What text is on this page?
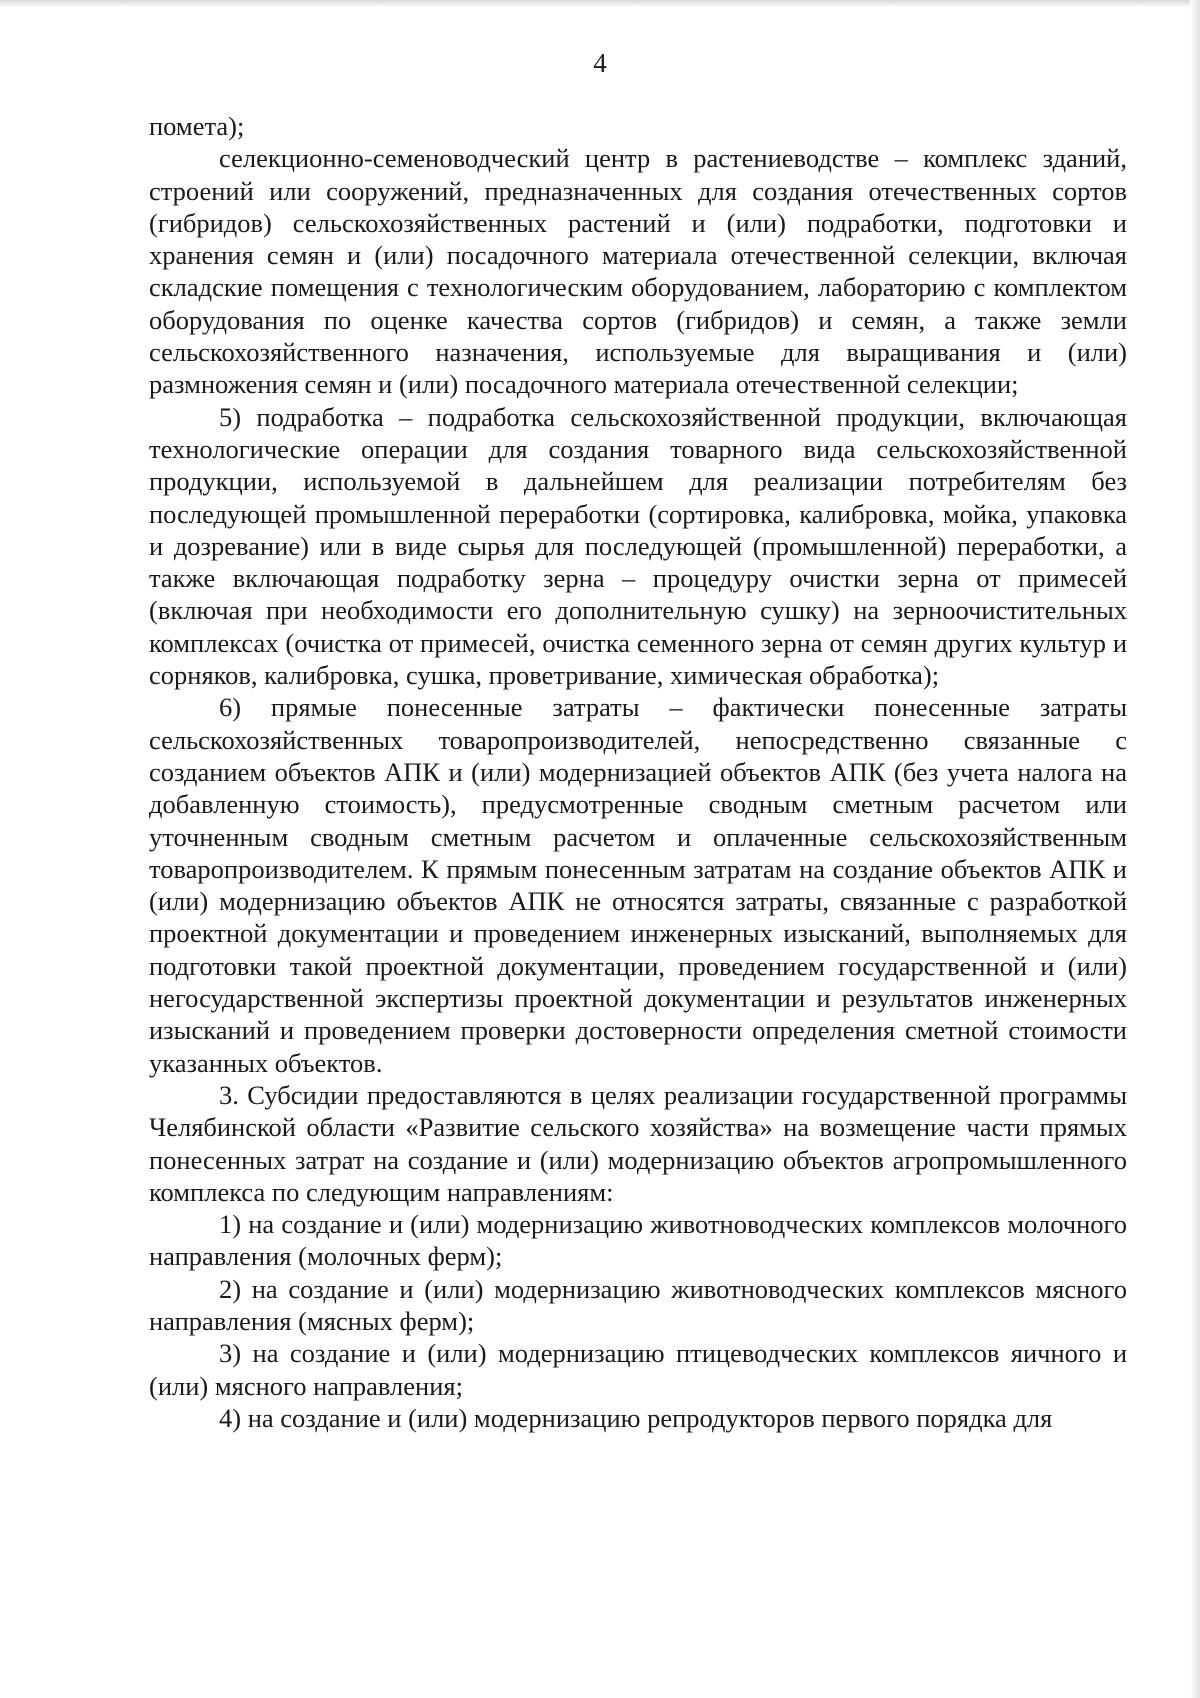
4

помета);

селекционно-семеноводческий центр в растениеводстве – комплекс зданий, строений или сооружений, предназначенных для создания отечественных сортов (гибридов) сельскохозяйственных растений и (или) подработки, подготовки и хранения семян и (или) посадочного материала отечественной селекции, включая складские помещения с технологическим оборудованием, лабораторию с комплектом оборудования по оценке качества сортов (гибридов) и семян, а также земли сельскохозяйственного назначения, используемые для выращивания и (или) размножения семян и (или) посадочного материала отечественной селекции;

5) подработка – подработка сельскохозяйственной продукции, включающая технологические операции для создания товарного вида сельскохозяйственной продукции, используемой в дальнейшем для реализации потребителям без последующей промышленной переработки (сортировка, калибровка, мойка, упаковка и дозревание) или в виде сырья для последующей (промышленной) переработки, а также включающая подработку зерна – процедуру очистки зерна от примесей (включая при необходимости его дополнительную сушку) на зерноочистительных комплексах (очистка от примесей, очистка семенного зерна от семян других культур и сорняков, калибровка, сушка, проветривание, химическая обработка);

6) прямые понесенные затраты – фактически понесенные затраты сельскохозяйственных товаропроизводителей, непосредственно связанные с созданием объектов АПК и (или) модернизацией объектов АПК (без учета налога на добавленную стоимость), предусмотренные сводным сметным расчетом или уточненным сводным сметным расчетом и оплаченные сельскохозяйственным товаропроизводителем. К прямым понесенным затратам на создание объектов АПК и (или) модернизацию объектов АПК не относятся затраты, связанные с разработкой проектной документации и проведением инженерных изысканий, выполняемых для подготовки такой проектной документации, проведением государственной и (или) негосударственной экспертизы проектной документации и результатов инженерных изысканий и проведением проверки достоверности определения сметной стоимости указанных объектов.

3. Субсидии предоставляются в целях реализации государственной программы Челябинской области «Развитие сельского хозяйства» на возмещение части прямых понесенных затрат на создание и (или) модернизацию объектов агропромышленного комплекса по следующим направлениям:

1) на создание и (или) модернизацию животноводческих комплексов молочного направления (молочных ферм);

2) на создание и (или) модернизацию животноводческих комплексов мясного направления (мясных ферм);

3) на создание и (или) модернизацию птицеводческих комплексов яичного и (или) мясного направления;

4) на создание и (или) модернизацию репродукторов первого порядка для
